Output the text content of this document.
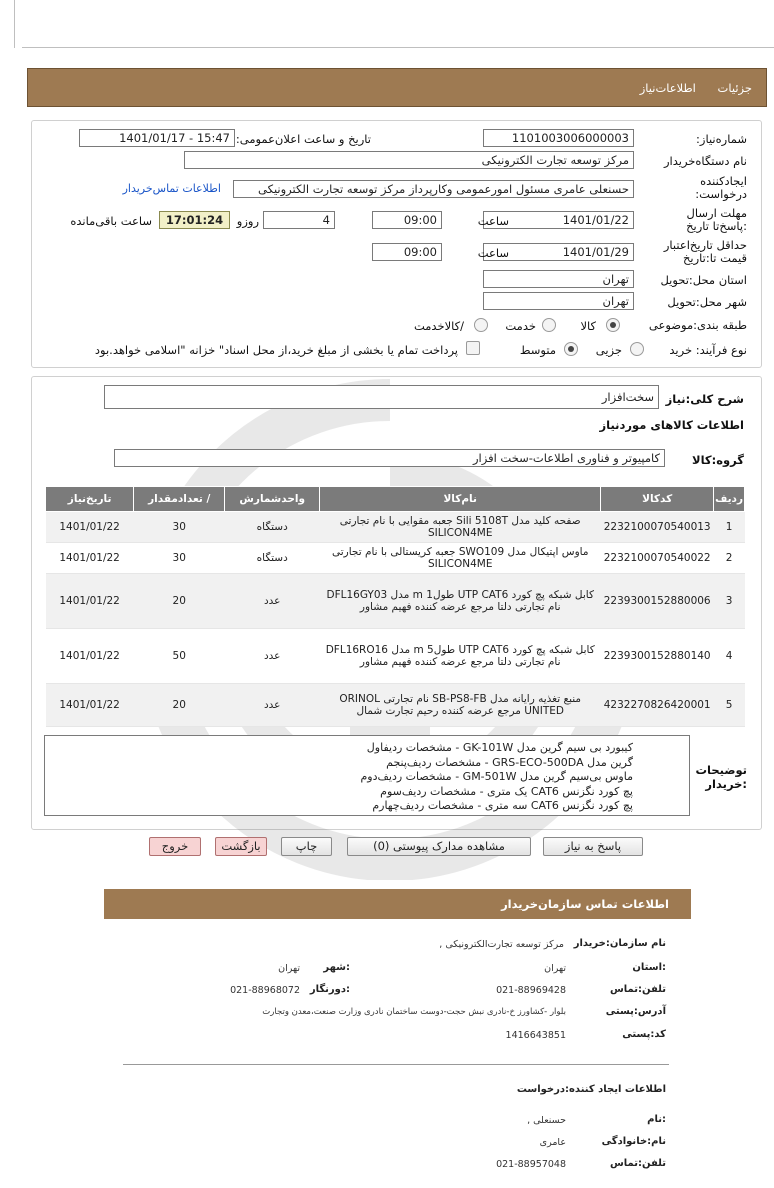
جزئیات اطلاعات‌نیاز
شماره‌نیاز:
1101003006000003
تاریخ و ساعت اعلان‌عمومی:
1401/01/17 - 15:47
نام دستگاه‌خریدار
مرکز توسعه تجارت الکترونیکی
ایجادکننده درخواست:
حسنعلی عامری مسئول امورعمومی وکارپرداز مرکز توسعه تجارت الکترونیکی
اطلاعات تماس‌خریدار
مهلت ارسال :پاسخ‌تا تاریخ
1401/01/22
ساعت
09:00
4
روزو
17:01:24
ساعت باقی‌مانده
حداقل تاریخ‌اعتبار قیمت تا:تاریخ
1401/01/29
ساعت
09:00
استان محل:تحویل
تهران
شهر محل:تحویل
تهران
طبقه بندی:موضوعی
کالا
خدمت
/کالاخدمت
نوع فرآیند: خرید
جزیی
متوسط
پرداخت تمام یا بخشی از مبلغ خرید،از محل اسناد" خزانه "اسلامی خواهد.بود
شرح کلی:نیاز
سخت‌افزار
اطلاعات کالاهای موردنیاز
گروه:کالا
کامپیوتر و فناوری اطلاعات-سخت افزار
ردیف	کدکالا	نام‌کالا	واحدشمارش	/ تعدادمقدار	تاریخ‌نیاز
1	2232100070540013	صفحه کلید مدل Sili 5108T جعبه مقوایی با نام تجارتی SILICON4ME	دستگاه	30	1401/01/22
2	2232100070540022	ماوس اپتیکال مدل SWO109 جعبه کریستالی با نام تجارتی SILICON4ME	دستگاه	30	1401/01/22
3	2239300152880006	کابل شبکه پچ کورد UTP CAT6 طول1 m مدل DFL16GY03 نام تجارتی دلتا مرجع عرضه کننده فهیم مشاور	عدد	20	1401/01/22
4	2239300152880140	کابل شبکه پچ کورد UTP CAT6 طول5 m مدل DFL16RO16 نام تجارتی دلتا مرجع عرضه کننده فهیم مشاور	عدد	50	1401/01/22
5	4232270826420001	منبع تغذیه رایانه مدل SB-PS8-FB نام تجارتی ORINOL UNITED مرجع عرضه کننده رحیم تجارت شمال	عدد	20	1401/01/22
توضیحات :خریدار
کیبورد بی سیم گرین مدل GK-101W - مشخصات ردیفاول
گرین مدل GRS-ECO-500DA - مشخصات ردیف‌پنجم
ماوس بی‌سیم گرین مدل GM-501W - مشخصات ردیف‌دوم
پچ کورد نگزنس CAT6 یک متری - مشخصات ردیف‌سوم
پچ کورد نگزنس CAT6 سه متری - مشخصات ردیف‌چهارم
پاسخ به نیاز
مشاهده مدارک پیوستی (0)
چاپ
بازگشت
خروج
اطلاعات تماس سازمان‌خریدار
نام سازمان:خریدار
مرکز توسعه تجارت‌الکترونیکی ,
:استان
تهران
:شهر
تهران
تلفن:تماس
021-88969428
:دورنگار
021-88968072
آدرس:پستی
بلوار -کشاورز خ-نادری نبش حجت-دوست ساختمان نادری وزارت صنعت،معدن وتجارت
کد:پستی
1416643851
اطلاعات ایجاد کننده:درخواست
:نام
حسنعلی ,
نام:خانوادگی
عامری
تلفن:تماس
021-88957048
